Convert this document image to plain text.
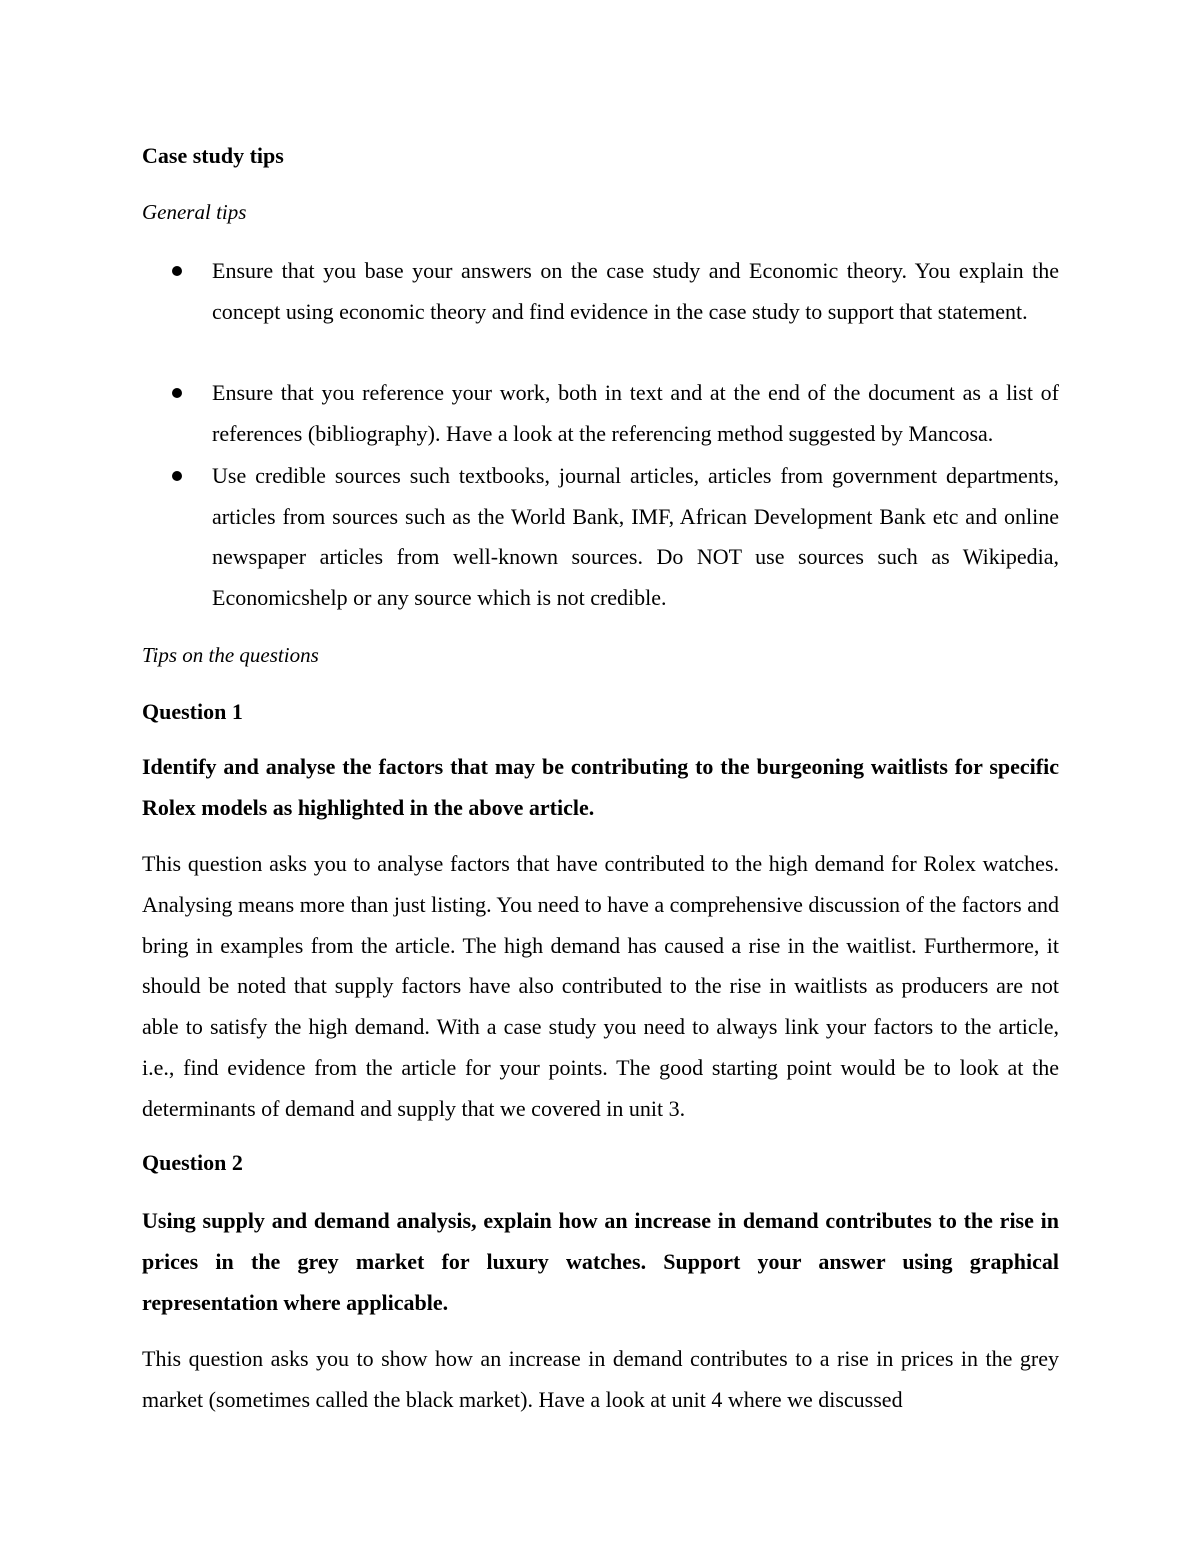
Case study tips
General tips
Ensure that you base your answers on the case study and Economic theory. You explain the concept using economic theory and find evidence in the case study to support that statement.
Ensure that you reference your work, both in text and at the end of the document as a list of references (bibliography). Have a look at the referencing method suggested by Mancosa.
Use credible sources such textbooks, journal articles, articles from government departments, articles from sources such as the World Bank, IMF, African Development Bank etc and online newspaper articles from well-known sources. Do NOT use sources such as Wikipedia, Economicshelp or any source which is not credible.
Tips on the questions
Question 1
Identify and analyse the factors that may be contributing to the burgeoning waitlists for specific Rolex models as highlighted in the above article.
This question asks you to analyse factors that have contributed to the high demand for Rolex watches. Analysing means more than just listing. You need to have a comprehensive discussion of the factors and bring in examples from the article. The high demand has caused a rise in the waitlist. Furthermore, it should be noted that supply factors have also contributed to the rise in waitlists as producers are not able to satisfy the high demand. With a case study you need to always link your factors to the article, i.e., find evidence from the article for your points. The good starting point would be to look at the determinants of demand and supply that we covered in unit 3.
Question 2
Using supply and demand analysis, explain how an increase in demand contributes to the rise in prices in the grey market for luxury watches. Support your answer using graphical representation where applicable.
This question asks you to show how an increase in demand contributes to a rise in prices in the grey market (sometimes called the black market). Have a look at unit 4 where we discussed
